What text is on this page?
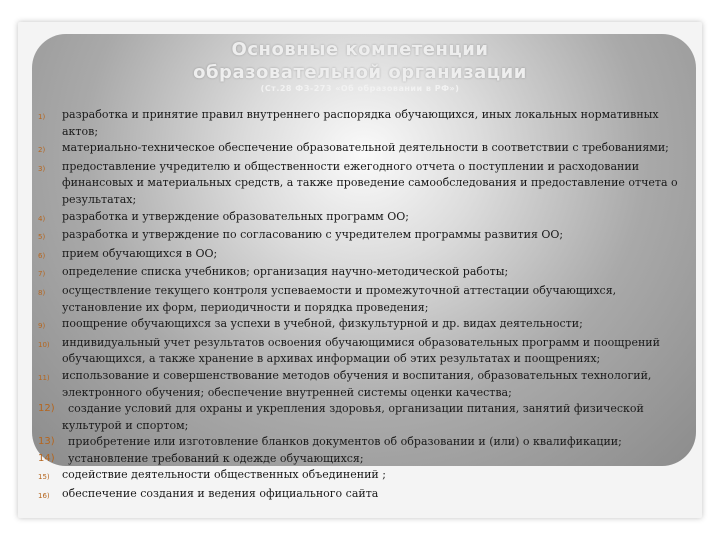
Основные компетенции
образовательной организации
(Ст.28 ФЗ-273 «Об образовании в РФ»)
1)	разработка и принятие правил внутреннего распорядка обучающихся, иных локальных нормативных актов;
2)	материально-техническое обеспечение образовательной деятельности в соответствии с требованиями;
3)	предоставление учредителю и общественности ежегодного отчета о поступлении и расходовании финансовых и материальных средств, а также проведение самообследования и предоставление отчета о результатах;
4)	разработка и утверждение образовательных программ ОО;
5)	разработка и утверждение по согласованию с учредителем программы развития ОО;
6)	прием обучающихся в ОО;
7)	определение списка учебников; организация научно-методической работы;
8)	осуществление текущего контроля успеваемости и промежуточной аттестации обучающихся, установление их форм, периодичности и порядка проведения;
9)	поощрение обучающихся за успехи в учебной, физкультурной и др. видах деятельности;
10)	индивидуальный учет результатов освоения обучающимися образовательных программ и поощрений обучающихся, а также хранение в архивах информации об этих результатах и поощрениях;
11)	использование и совершенствование методов обучения и воспитания, образовательных технологий, электронного обучения; обеспечение внутренней системы оценки качества;
12)	создание условий для охраны и укрепления здоровья, организации питания, занятий физической культурой и спортом;
13)	приобретение или изготовление бланков документов об образовании и (или) о квалификации;
14)	установление требований к одежде обучающихся;
15)	содействие деятельности общественных объединений ;
16)	обеспечение создания и ведения официального сайта
